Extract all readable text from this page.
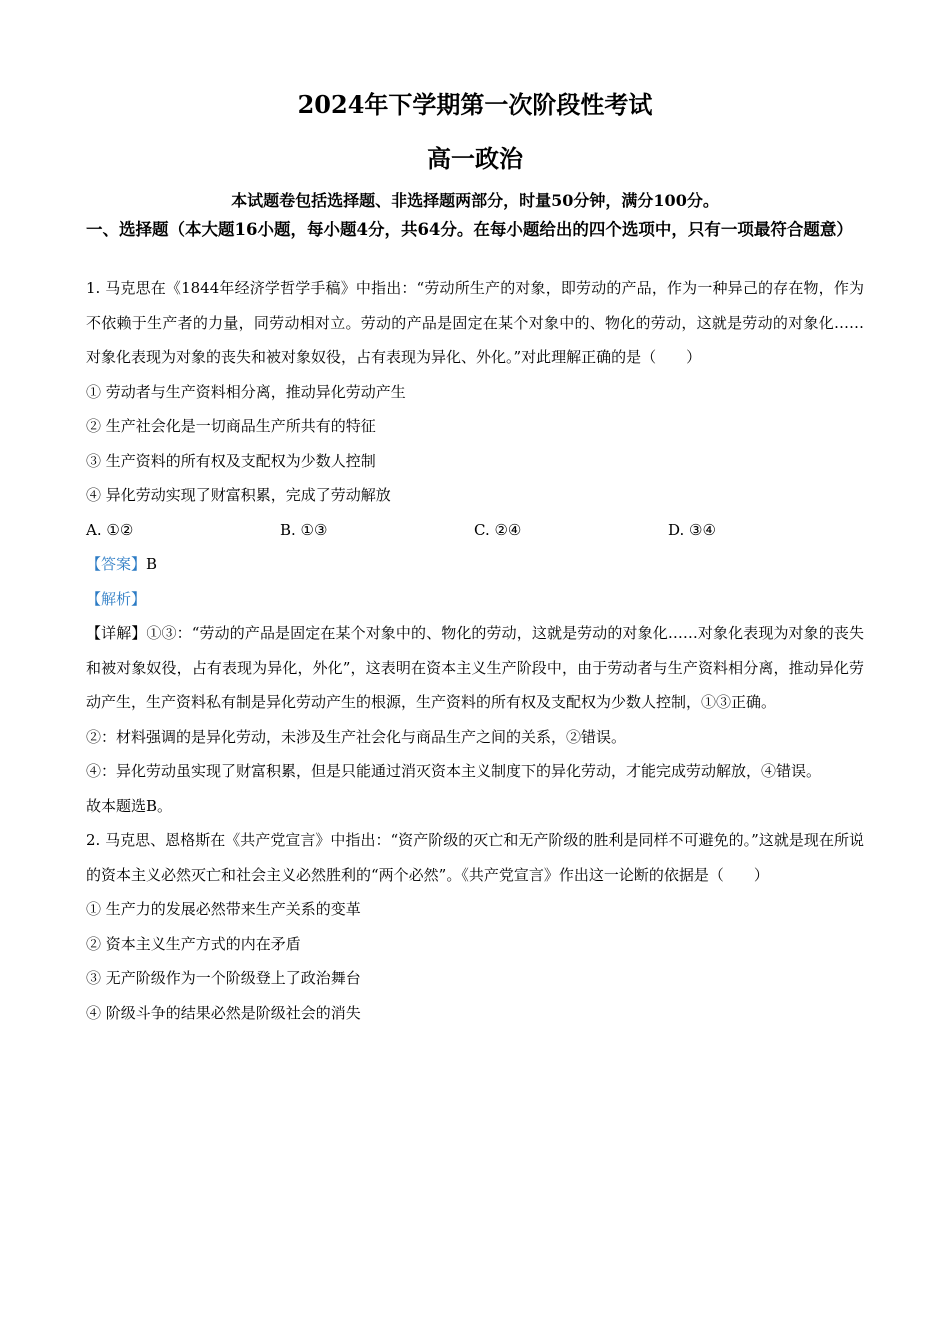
2024年下学期第一次阶段性考试
高一政治
本试题卷包括选择题、非选择题两部分，时量50分钟，满分100分。
一、选择题（本大题16小题，每小题4分，共64分。在每小题给出的四个选项中，只有一项最符合题意）

1. 马克思在《1844年经济学哲学手稿》中指出：“劳动所生产的对象，即劳动的产品，作为一种异己的存在物，作为不依赖于生产者的力量，同劳动相对立。劳动的产品是固定在某个对象中的、物化的劳动，这就是劳动的对象化……对象化表现为对象的丧失和被对象奴役，占有表现为异化、外化。”对此理解正确的是（　　）

① 劳动者与生产资料相分离，推动异化劳动产生

② 生产社会化是一切商品生产所共有的特征

③ 生产资料的所有权及支配权为少数人控制

④ 异化劳动实现了财富积累，完成了劳动解放

A. ①②	B. ①③	C. ②④	D. ③④

【答案】B

【解析】

【详解】①③：“劳动的产品是固定在某个对象中的、物化的劳动，这就是劳动的对象化……对象化表现为对象的丧失和被对象奴役，占有表现为异化，外化”，这表明在资本主义生产阶段中，由于劳动者与生产资料相分离，推动异化劳动产生，生产资料私有制是异化劳动产生的根源，生产资料的所有权及支配权为少数人控制，①③正确。

②：材料强调的是异化劳动，未涉及生产社会化与商品生产之间的关系，②错误。

④：异化劳动虽实现了财富积累，但是只能通过消灭资本主义制度下的异化劳动，才能完成劳动解放，④错误。

故本题选B。

2. 马克思、恩格斯在《共产党宣言》中指出：“资产阶级的灭亡和无产阶级的胜利是同样不可避免的。”这就是现在所说的资本主义必然灭亡和社会主义必然胜利的“两个必然”。《共产党宣言》作出这一论断的依据是（　　）

① 生产力的发展必然带来生产关系的变革

② 资本主义生产方式的内在矛盾

③ 无产阶级作为一个阶级登上了政治舞台

④ 阶级斗争的结果必然是阶级社会的消失
